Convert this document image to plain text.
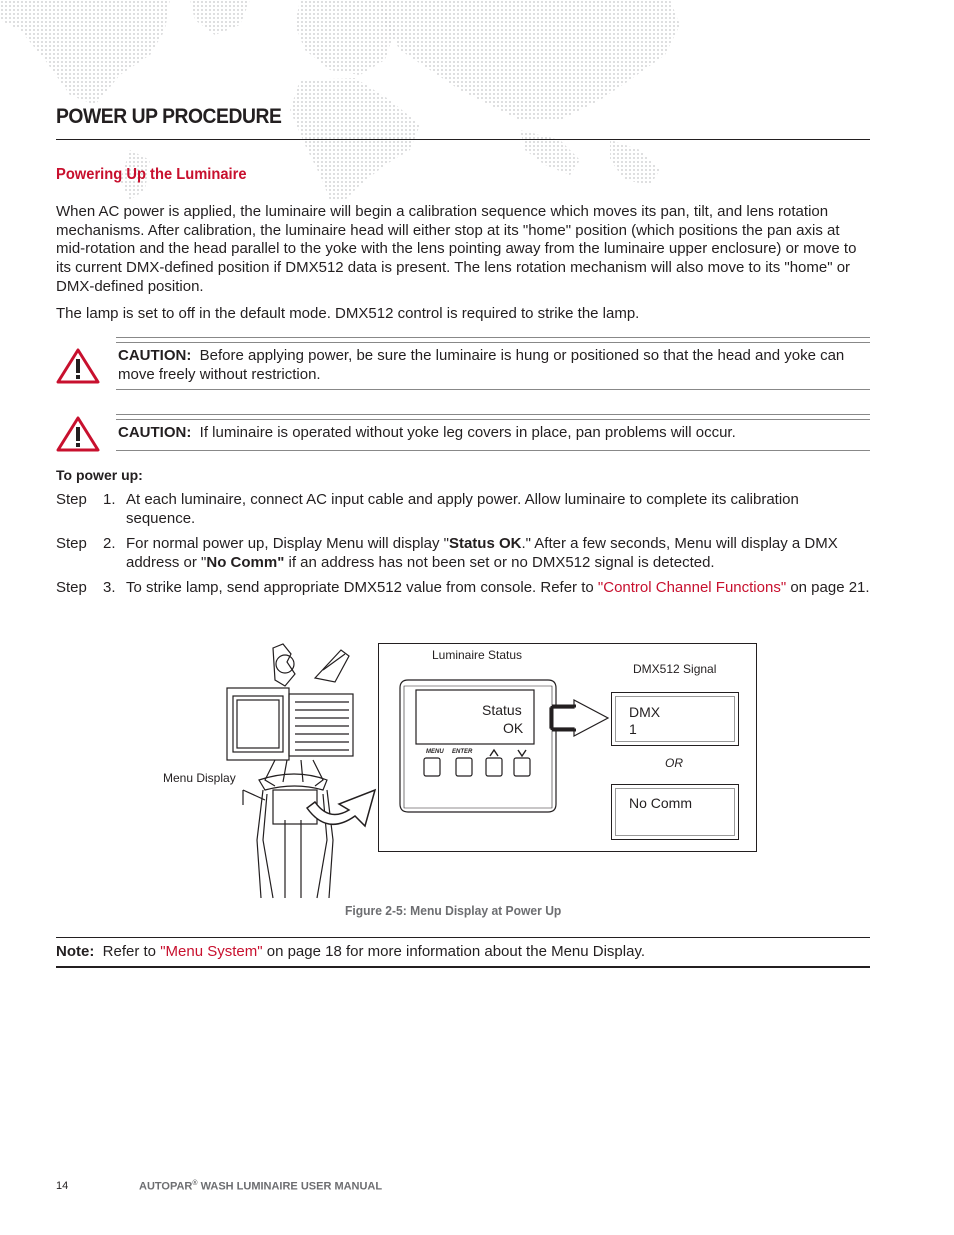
POWER UP PROCEDURE
Powering Up the Luminaire
When AC power is applied, the luminaire will begin a calibration sequence which moves its pan, tilt, and lens rotation mechanisms. After calibration, the luminaire head will either stop at its "home" position (which positions the pan axis at mid-rotation and the head parallel to the yoke with the lens pointing away from the luminaire upper enclosure) or move to its current DMX-defined position if DMX512 data is present. The lens rotation mechanism will also move to its "home" or DMX-defined position.
The lamp is set to off in the default mode. DMX512 control is required to strike the lamp.
CAUTION: Before applying power, be sure the luminaire is hung or positioned so that the head and yoke can move freely without restriction.
CAUTION: If luminaire is operated without yoke leg covers in place, pan problems will occur.
To power up:
Step 1. At each luminaire, connect AC input cable and apply power. Allow luminaire to complete its calibration sequence.
Step 2. For normal power up, Display Menu will display "Status OK." After a few seconds, Menu will display a DMX address or "No Comm" if an address has not been set or no DMX512 signal is detected.
Step 3. To strike lamp, send appropriate DMX512 value from console. Refer to "Control Channel Functions" on page 21.
Menu Display
Luminaire Status
DMX512 Signal
Status
OK
MENU ENTER
DMX
1
OR
No Comm
Figure 2-5: Menu Display at Power Up
Note: Refer to "Menu System" on page 18 for more information about the Menu Display.
14	AUTOPAR® WASH LUMINAIRE USER MANUAL
